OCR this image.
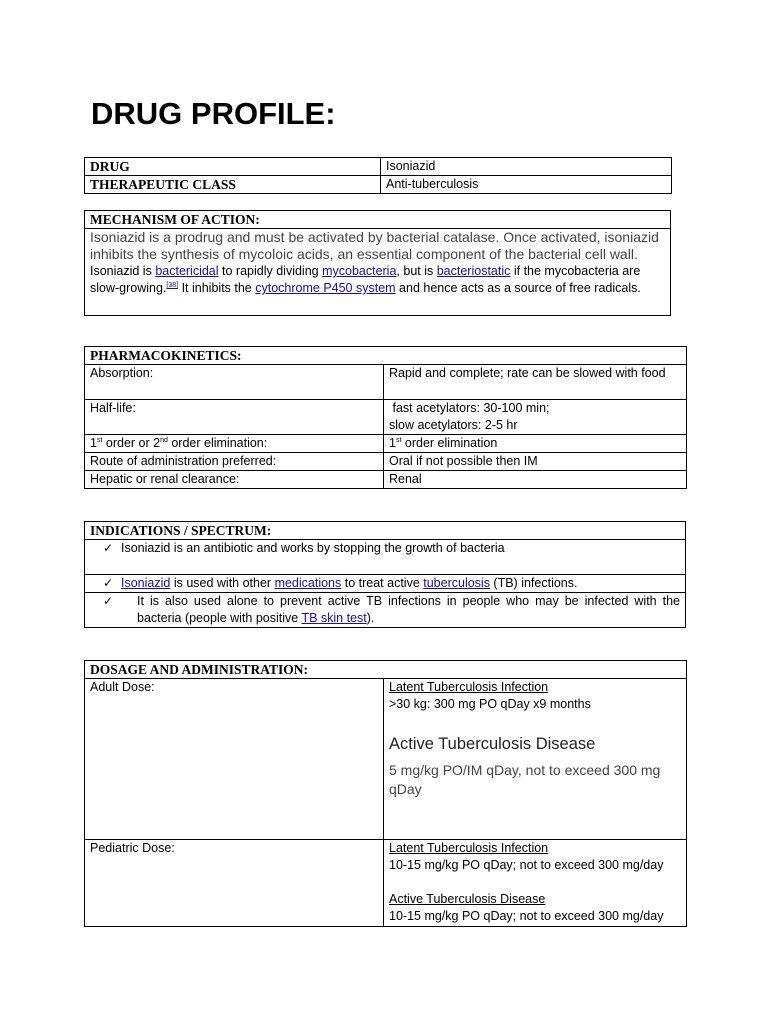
DRUG PROFILE:
DRUG	Isoniazid
THERAPEUTIC CLASS	Anti-tuberculosis
MECHANISM OF ACTION:

Isoniazid is a prodrug and must be activated by bacterial catalase. Once activated, isoniazid inhibits the synthesis of mycoloic acids, an essential component of the bacterial cell wall.
Isoniazid is bactericidal to rapidly dividing mycobacteria, but is bacteriostatic if the mycobacteria are slow-growing.[38] It inhibits the cytochrome P450 system and hence acts as a source of free radicals.
PHARMACOKINETICS:	
Absorption:	Rapid and complete; rate can be slowed with food
Half-life:	fast acetylators: 30-100 min;
slow acetylators: 2-5 hr

1st order or 2nd order elimination:	1st order elimination
Route of administration preferred:	Oral if not possible then IM
Hepatic or renal clearance:	Renal
INDICATIONS / SPECTRUM:
✓ Isoniazid is an antibiotic and works by stopping the growth of bacteria
✓ Isoniazid is used with other medications to treat active tuberculosis (TB) infections.

✓	It is also used alone to prevent active TB infections in people who may be infected with the bacteria (people with positive TB skin test).
DOSAGE AND ADMINISTRATION:	
Adult Dose:	Latent Tuberculosis Infection
>30 kg: 300 mg PO qDay x9 months
Active Tuberculosis Disease
5 mg/kg PO/IM qDay, not to exceed 300 mg qDay

Pediatric Dose:	Latent Tuberculosis Infection
10-15 mg/kg PO qDay; not to exceed 300 mg/day
Active Tuberculosis Disease
10-15 mg/kg PO qDay; not to exceed 300 mg/day
